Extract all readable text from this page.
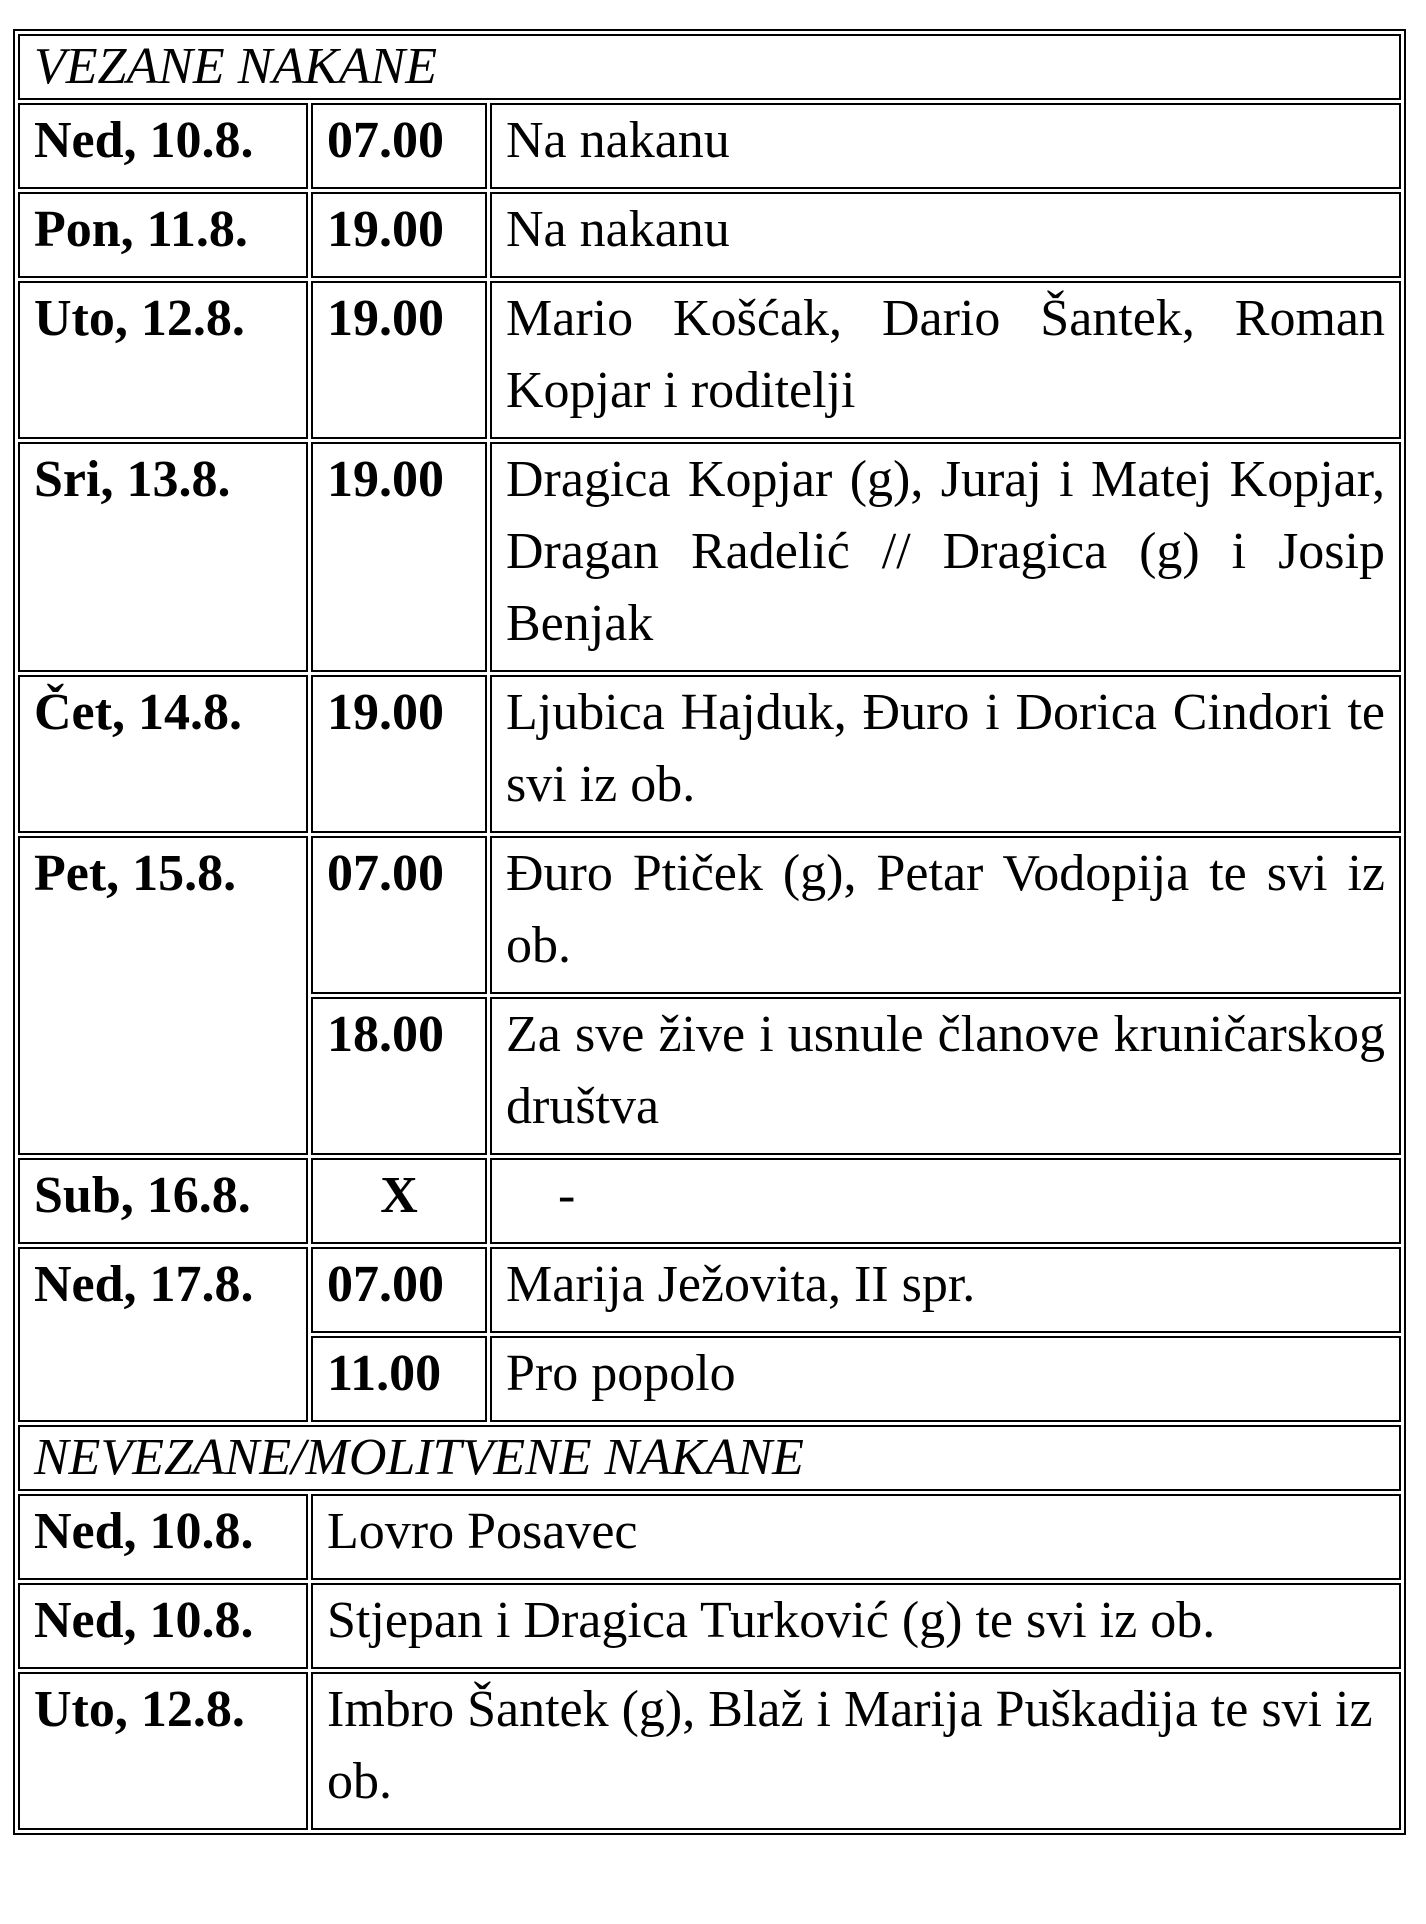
VEZANE NAKANE		
Ned, 10.8.	07.00	Na nakanu
Pon, 11.8.	19.00	Na nakanu
Uto, 12.8.	19.00	Mario Košćak, Dario Šantek, Roman Kopjar i roditelji
Sri, 13.8.	19.00	Dragica Kopjar (g), Juraj i Matej Kopjar, Dragan Radelić // Dragica (g) i Josip Benjak
Čet, 14.8.	19.00	Ljubica Hajduk, Đuro i Dorica Cindori te svi iz ob.
Pet, 15.8.	07.00	Đuro Ptiček (g), Petar Vodopija te svi iz ob.
	18.00	Za sve žive i usnule članove kruničarskog društva
Sub, 16.8.	X	-
Ned, 17.8.	07.00	Marija Ježovita, II spr.
	11.00	Pro popolo
NEVEZANE/MOLITVENE NAKANE		
Ned, 10.8.	Lovro Posavec	
Ned, 10.8.	Stjepan i Dragica Turković (g) te svi iz ob.	
Uto, 12.8.	Imbro Šantek (g), Blaž i Marija Puškadija te svi iz ob.	
